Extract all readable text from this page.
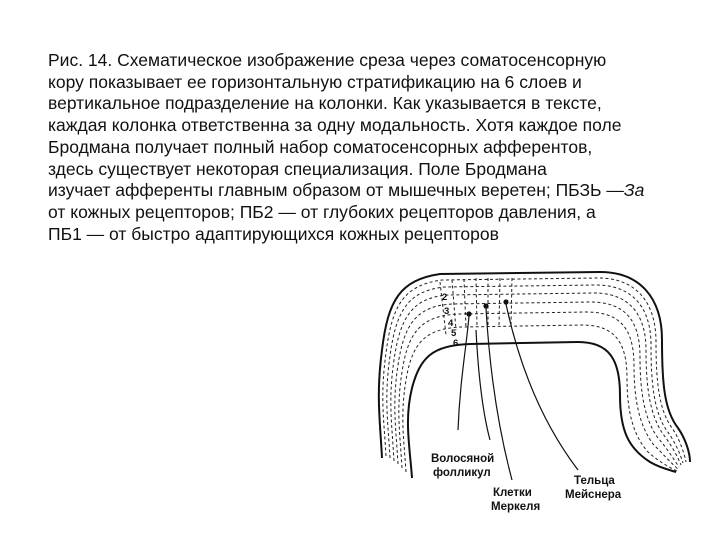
Рис. 14. Схематическое изображение среза через соматосенсорную
кору показывает ее горизонтальную стратификацию на 6 слоев и
вертикальное подразделение на колонки. Как указывается в тексте,
каждая колонка ответственна за одну модальность. Хотя каждое поле
Бродмана получает полный набор соматосенсорных афферентов,
здесь существует некоторая специализация. Поле Бродмана
изучает афференты главным образом от мышечных веретен; ПБЗЬ —За
от кожных рецепторов; ПБ2 — от глубоких рецепторов давления, а
ПБ1 — от быстро адаптирующихся кожных рецепторов

2
3
4
5
6
Волосяной
фолликул
Клетки
Меркеля
Тельца
Мейснера
